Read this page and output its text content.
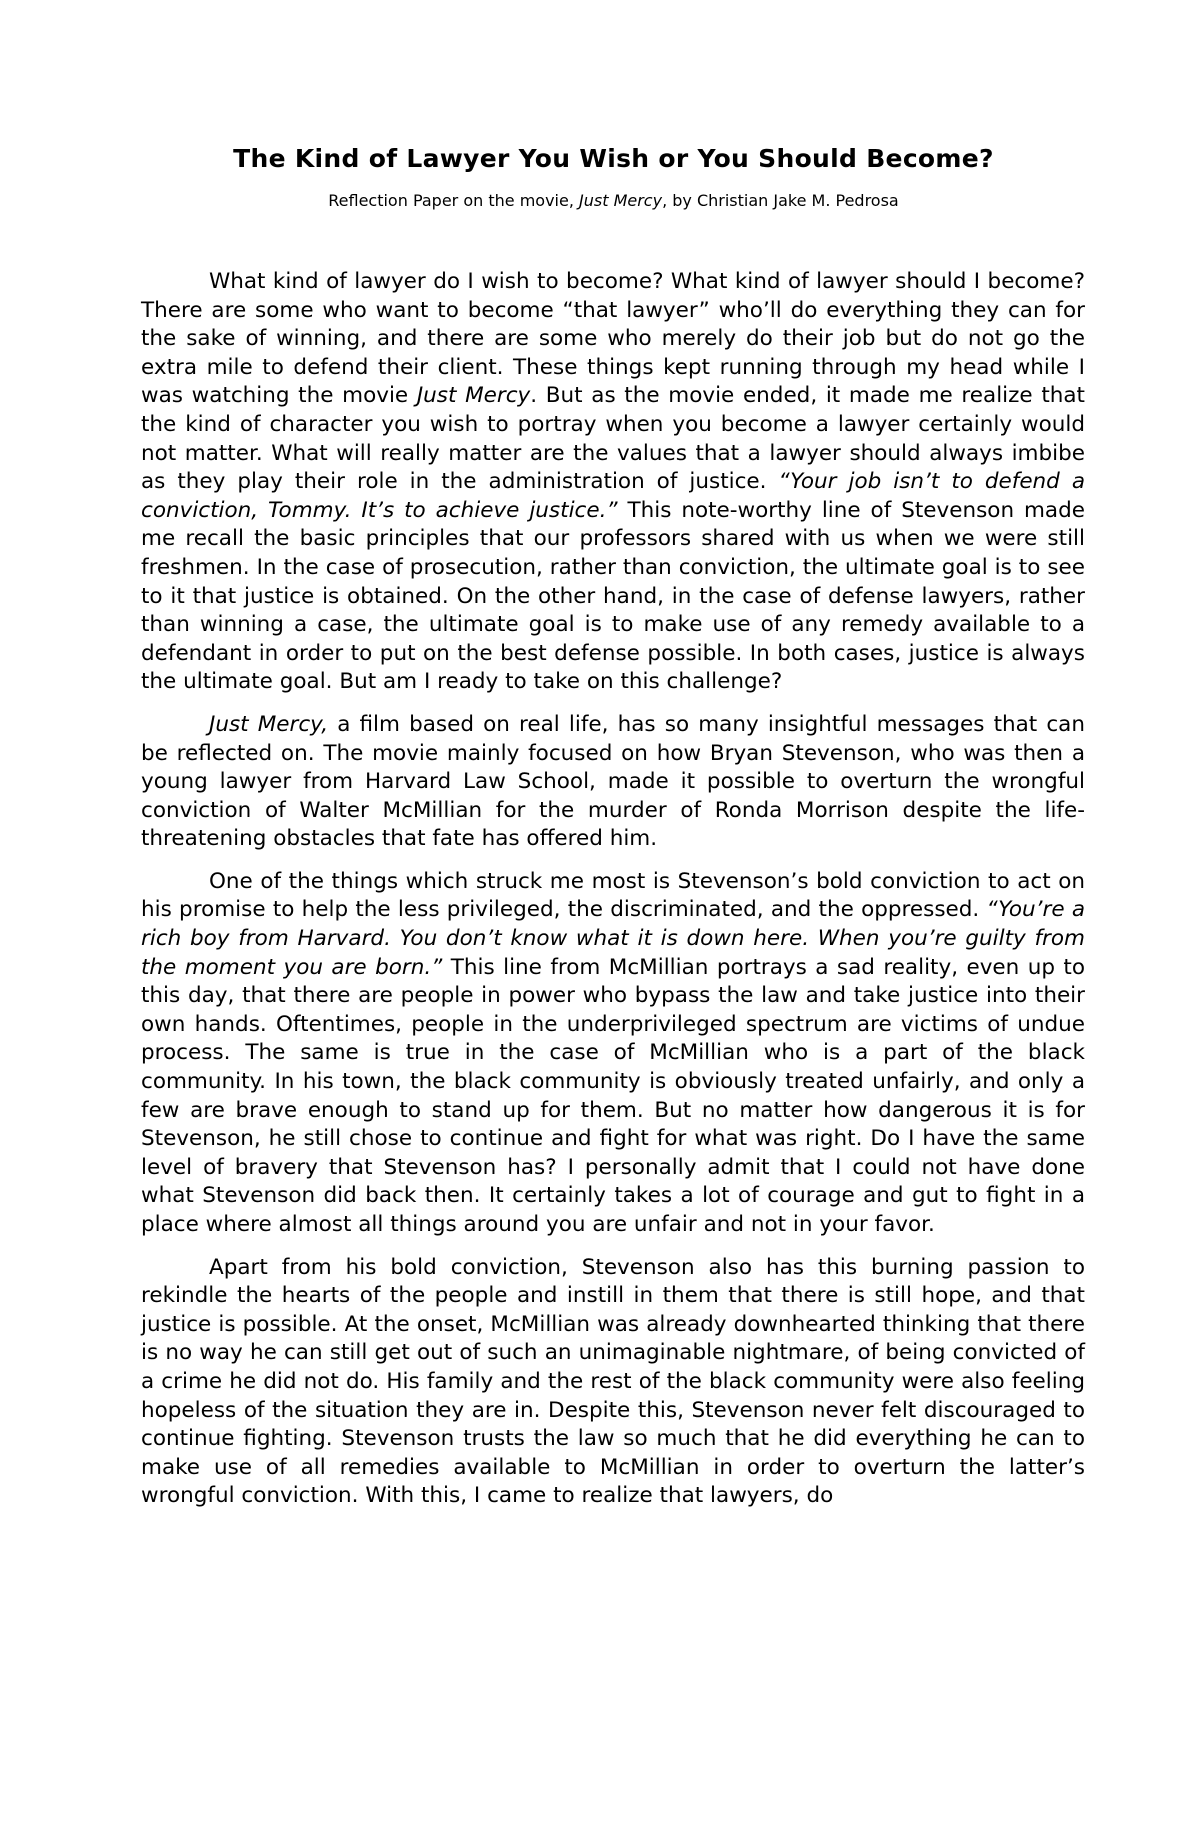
The Kind of Lawyer You Wish or You Should Become?

Reflection Paper on the movie, Just Mercy, by Christian Jake M. Pedrosa

What kind of lawyer do I wish to become? What kind of lawyer should I become? There are some who want to become “that lawyer” who’ll do everything they can for the sake of winning, and there are some who merely do their job but do not go the extra mile to defend their client. These things kept running through my head while I was watching the movie Just Mercy. But as the movie ended, it made me realize that the kind of character you wish to portray when you become a lawyer certainly would not matter. What will really matter are the values that a lawyer should always imbibe as they play their role in the administration of justice. “Your job isn’t to defend a conviction, Tommy. It’s to achieve justice.” This note-worthy line of Stevenson made me recall the basic principles that our professors shared with us when we were still freshmen. In the case of prosecution, rather than conviction, the ultimate goal is to see to it that justice is obtained. On the other hand, in the case of defense lawyers, rather than winning a case, the ultimate goal is to make use of any remedy available to a defendant in order to put on the best defense possible. In both cases, justice is always the ultimate goal. But am I ready to take on this challenge?

Just Mercy, a film based on real life, has so many insightful messages that can be reflected on. The movie mainly focused on how Bryan Stevenson, who was then a young lawyer from Harvard Law School, made it possible to overturn the wrongful conviction of Walter McMillian for the murder of Ronda Morrison despite the life-threatening obstacles that fate has offered him.

One of the things which struck me most is Stevenson’s bold conviction to act on his promise to help the less privileged, the discriminated, and the oppressed. “You’re a rich boy from Harvard. You don’t know what it is down here. When you’re guilty from the moment you are born.” This line from McMillian portrays a sad reality, even up to this day, that there are people in power who bypass the law and take justice into their own hands. Oftentimes, people in the underprivileged spectrum are victims of undue process. The same is true in the case of McMillian who is a part of the black community. In his town, the black community is obviously treated unfairly, and only a few are brave enough to stand up for them. But no matter how dangerous it is for Stevenson, he still chose to continue and fight for what was right. Do I have the same level of bravery that Stevenson has? I personally admit that I could not have done what Stevenson did back then. It certainly takes a lot of courage and gut to fight in a place where almost all things around you are unfair and not in your favor.

Apart from his bold conviction, Stevenson also has this burning passion to rekindle the hearts of the people and instill in them that there is still hope, and that justice is possible. At the onset, McMillian was already downhearted thinking that there is no way he can still get out of such an unimaginable nightmare, of being convicted of a crime he did not do. His family and the rest of the black community were also feeling hopeless of the situation they are in. Despite this, Stevenson never felt discouraged to continue fighting. Stevenson trusts the law so much that he did everything he can to make use of all remedies available to McMillian in order to overturn the latter’s wrongful conviction. With this, I came to realize that lawyers, do
